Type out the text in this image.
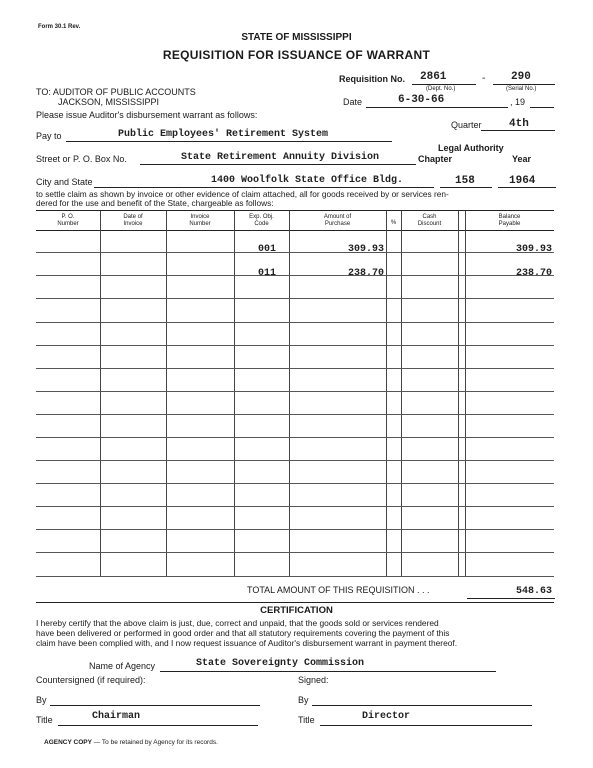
Form 30.1 Rev.
STATE OF MISSISSIPPI
REQUISITION FOR ISSUANCE OF WARRANT
Requisition No. 2861	- 290
(Dept. No.)	(Serial No.)
TO: AUDITOR OF PUBLIC ACCOUNTS
JACKSON, MISSISSIPPI	Date	6-30-66	, 19
Please issue Auditor's disbursement warrant as follows:
Quarter 4th
Pay to	Public Employees' Retirement System
Legal Authority
Chapter	Year
Street or P. O. Box No.	State Retirement Annuity Division
City and State	1400 Woolfolk State Office Bldg.	158	1964
to settle claim as shown by invoice or other evidence of claim attached, all for goods received by or services ren-
dered for the use and benefit of the State, chargeable as follows:
P. O.
Number
Date of
Invoice
Invoice
Number
Exp. Obj.
Code
Amount of
Purchase	%
Cash
Discount
Balance
Payable
001	309.93	309.93
011	238.70	238.70
TOTAL AMOUNT OF THIS REQUISITION . . .	548.63
CERTIFICATION
I hereby certify that the above claim is just, due, correct and unpaid, that the goods sold or services rendered
have been delivered or performed in good order and that all statutory requirements covering the payment of this
claim have been complied with, and I now request issuance of Auditor's disbursement warrant in payment thereof.
Name of Agency	State Sovereignty Commission
Countersigned (if required):	Signed:
By	By
Title	Chairman	Title	Director
AGENCY COPY — To be retained by Agency for its records.
